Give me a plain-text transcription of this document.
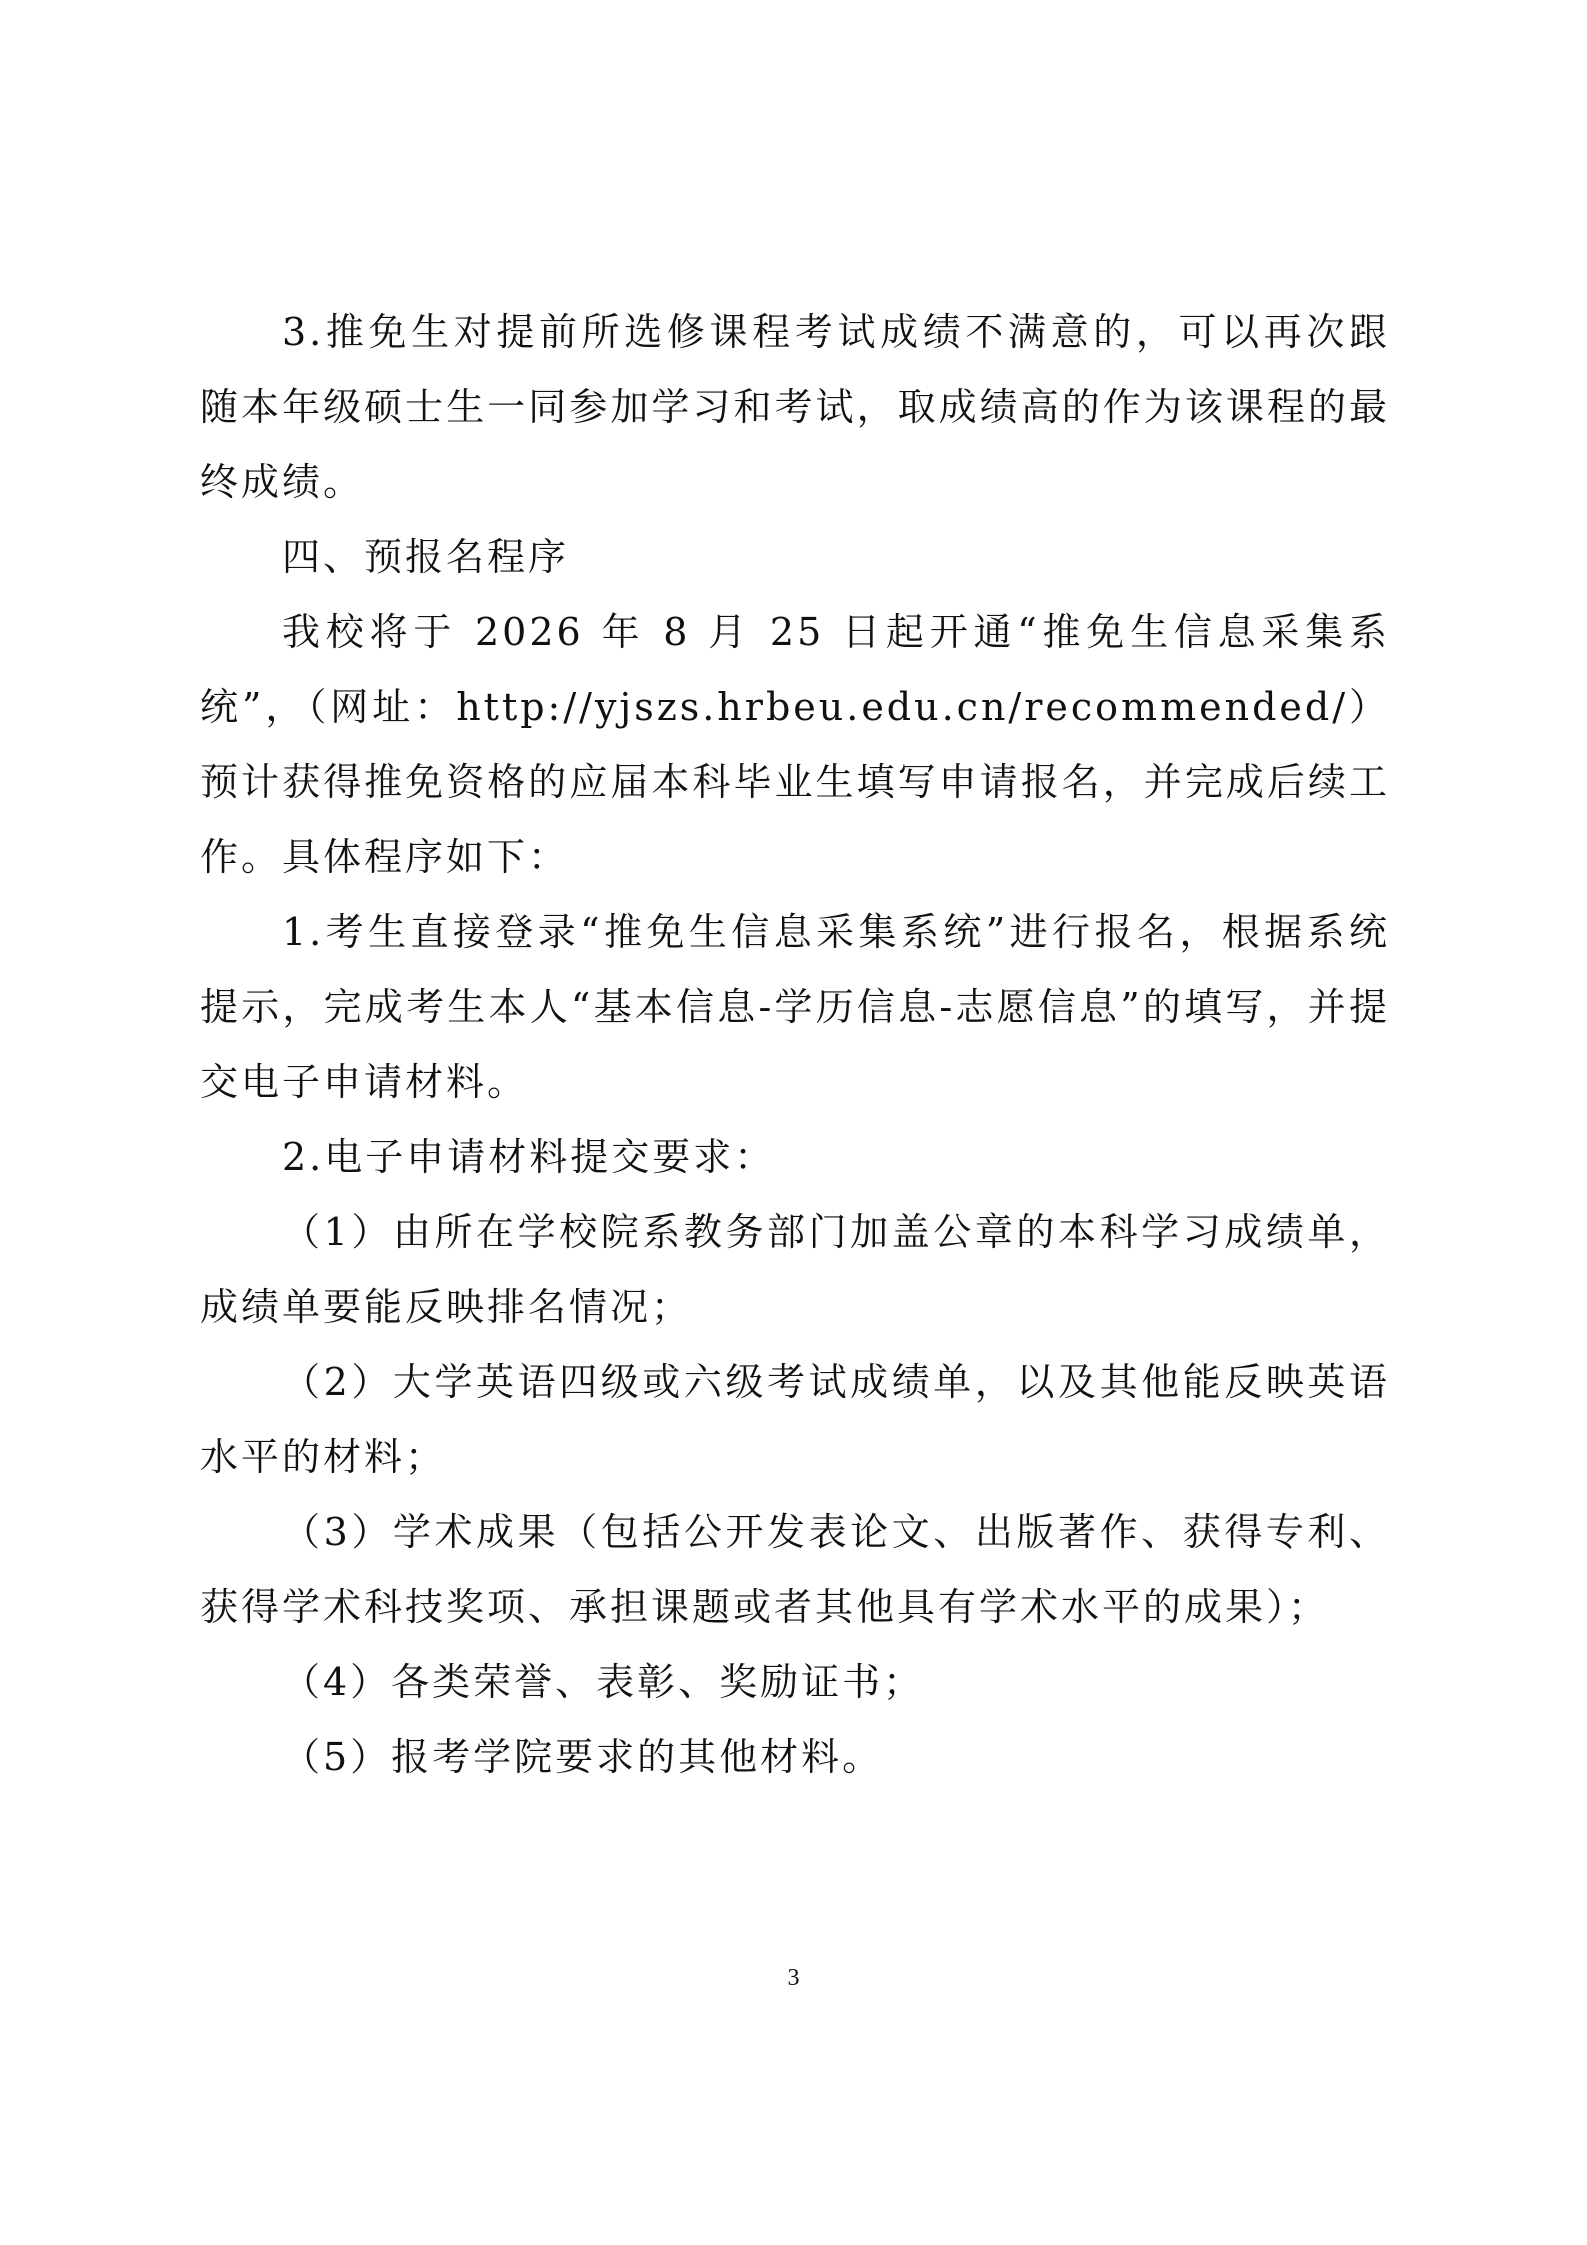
3.推免生对提前所选修课程考试成绩不满意的，可以再次跟随本年级硕士生一同参加学习和考试，取成绩高的作为该课程的最终成绩。

四、预报名程序

我校将于 2026 年 8 月 25 日起开通“推免生信息采集系统”，（网址：http://yjszs.hrbeu.edu.cn/recommended/）预计获得推免资格的应届本科毕业生填写申请报名，并完成后续工作。具体程序如下：

1.考生直接登录“推免生信息采集系统”进行报名，根据系统提示，完成考生本人“基本信息-学历信息-志愿信息”的填写，并提交电子申请材料。

2.电子申请材料提交要求：

（1）由所在学校院系教务部门加盖公章的本科学习成绩单，成绩单要能反映排名情况；

（2）大学英语四级或六级考试成绩单，以及其他能反映英语水平的材料；

（3）学术成果（包括公开发表论文、出版著作、获得专利、获得学术科技奖项、承担课题或者其他具有学术水平的成果）；

（4）各类荣誉、表彰、奖励证书；

（5）报考学院要求的其他材料。

3
